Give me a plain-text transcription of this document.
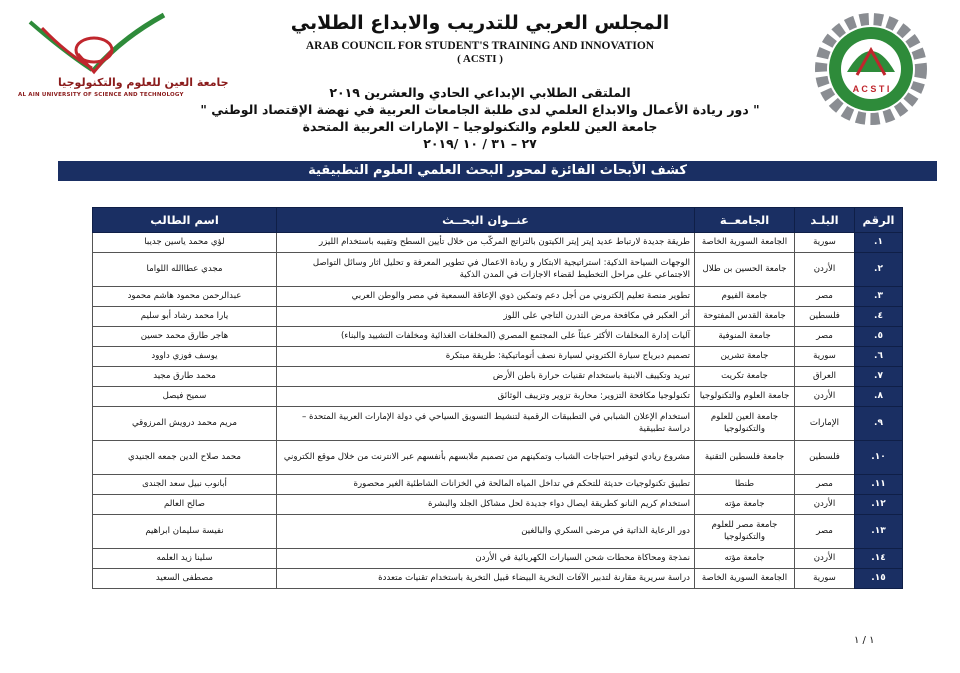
جامعة العين للعلوم والتكنولوجيا
AL AIN UNIVERSITY OF SCIENCE AND TECHNOLOGY
A C S T I
المجلس العربي للتدريب والابداع الطلابي
ARAB COUNCIL FOR STUDENT'S TRAINING AND INNOVATION
( ACSTI )
الملتقى الطلابي الإبداعي الحادي والعشرين ٢٠١٩
" دور ريادة الأعمال والابداع العلمي لدى طلبة الجامعات العربية في نهضة الإقتصاد الوطني "
جامعة العين للعلوم والتكنولوجيا – الإمارات العربية المتحدة
٢٧ – ٣١ / ١٠ /٢٠١٩
كشف الأبحاث الفائزة لمحور البحث العلمي العلوم التطبيقية
الرقم	البلـد	الجامعــة	عنــوان البحــث	اسم الطالب
١.	سورية	الجامعة السورية الخاصة	طريقة جديدة لارتباط عديد إيتر إيتر الكيتون بالتراتج المركّب من خلال تأيين السطح وتقيبه باستخدام الليزر	لؤي محمد ياسين جديبا
٢.	الأردن	جامعة الحسين بن طلال	الوجهات السياحة الذكية: استراتيجية الابتكار و ريادة الاعمال في تطوير المعرفة و تحليل اثار وسائل التواصل الاجتماعي على مراحل التخطيط لقضاء الاجازات في المدن الذكية	مجدي عطاالله اللواما
٣.	مصر	جامعة الفيوم	تطوير منصة تعليم إلكتروني من أجل دعم وتمكين ذوي الإعاقة السمعية في مصر والوطن العربي	عبدالرحمن محمود هاشم محمود
٤.	فلسطين	جامعة القدس المفتوحة	أثر العكبر في مكافحة مرض التدرن التاجي على اللوز	يارا محمد رشاد أبو سليم
٥.	مصر	جامعة المنوفية	آليات إدارة المخلفات الأكثر عبئاً على المجتمع المصري (المخلفات الغذائية ومخلفات التشييد والبناء)	هاجر طارق محمد حسين
٦.	سورية	جامعة تشرين	تصميم دبرياج سيارة الكتروني لسيارة نصف أتوماتيكية: طريقة مبتكرة	يوسف فوزي داوود
٧.	العراق	جامعة تكريت	تبريد وتكييف الابنية باستخدام تقنيات حرارة باطن الأرض	محمد طارق مجيد
٨.	الأردن	جامعة العلوم والتكنولوجيا	تكنولوجيا مكافحة التزوير: محاربة تزوير وتزييف الوثائق	سميح فيصل
٩.	الإمارات	جامعة العين للعلوم والتكنولوجيا	استخدام الإعلان الشبابي في التطبيقات الرقمية لتنشيط التسويق السياحي في دولة الإمارات العربية المتحدة –دراسة تطبيقية	مريم محمد درويش المرزوقي
١٠.	فلسطين	جامعة فلسطين التقنية	مشروع ريادي لتوفير احتياجات الشباب وتمكينهم من تصميم ملابسهم بأنفسهم عبر الانترنت من خلال موقع الكتروني	محمد صلاح الدين جمعه الجنيدي
١١.	مصر	طنطا	تطبيق تكنولوجيات حديثة للتحكم في تداخل المياه المالحة في الخزانات الشاطئية الغير محصورة	أبانوب نبيل سعد الجندى
١٢.	الأردن	جامعة مؤته	استخدام كريم النانو كطريقة ايصال دواء جديدة لحل مشاكل الجلد والبشرة	صالح العالم
١٣.	مصر	جامعة مصر للعلوم والتكنولوجيا	دور الرعاية الذاتية في مرضى السكري والبالغين	نفيسة سليمان ابراهيم
١٤.	الأردن	جامعة مؤته	نمذجة ومحاكاة محطات شحن السيارات الكهربائية في الأردن	سلينا زيد العلمه
١٥.	سورية	الجامعة السورية الخاصة	دراسة سريرية مقارنة لتدبير الآفات النخرية البيضاء قبيل التخرية باستخدام تقنيات متعددة	مصطفى السعيد
١ / ١
